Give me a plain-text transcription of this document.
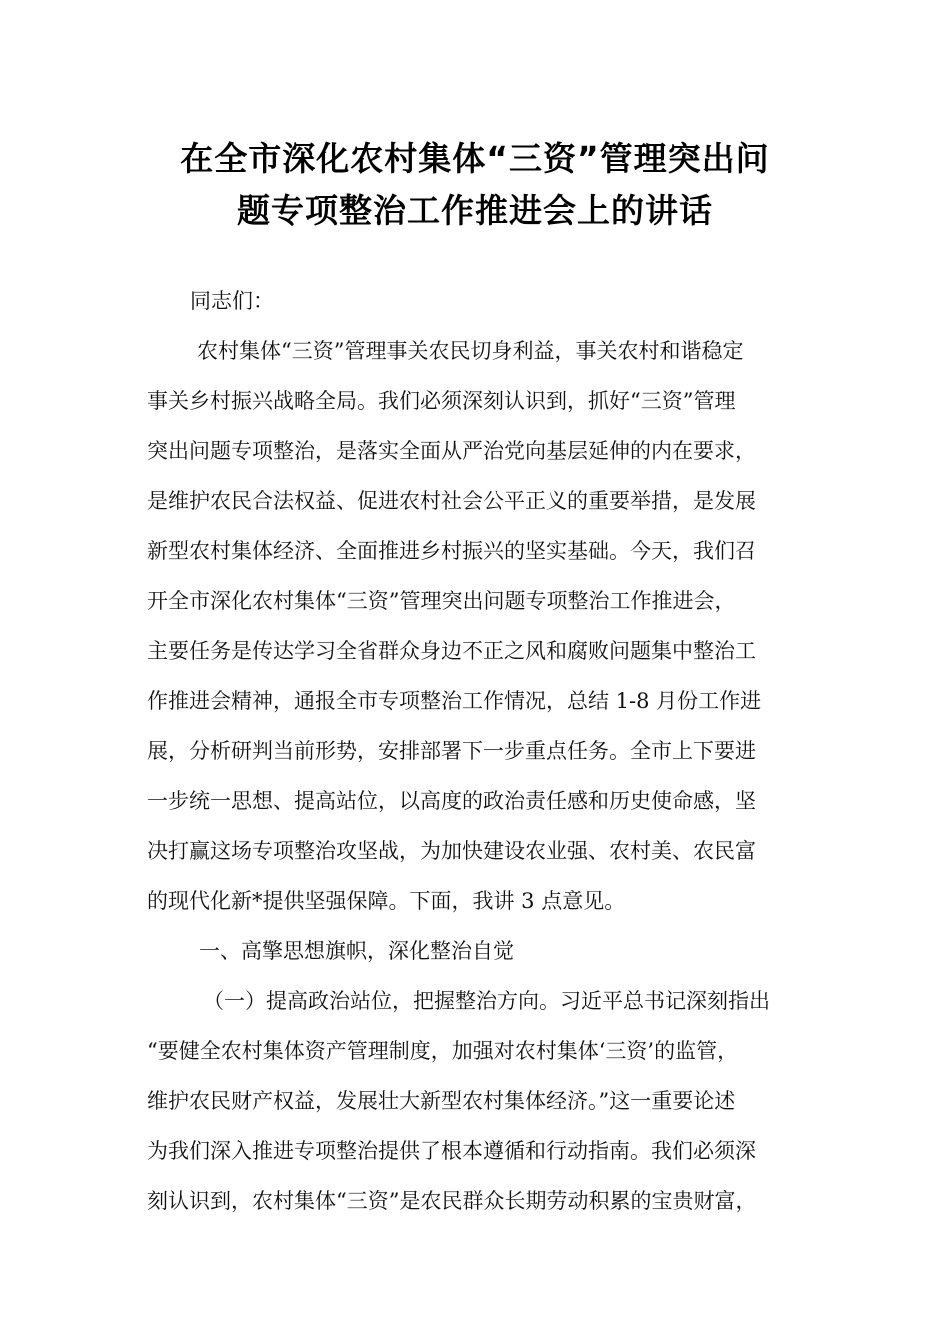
在全市深化农村集体“三资”管理突出问
题专项整治工作推进会上的讲话

同志们：

农村集体“三资”管理事关农民切身利益，事关农村和谐稳定

事关乡村振兴战略全局。我们必须深刻认识到，抓好“三资”管理

突出问题专项整治，是落实全面从严治党向基层延伸的内在要求，

是维护农民合法权益、促进农村社会公平正义的重要举措，是发展

新型农村集体经济、全面推进乡村振兴的坚实基础。今天，我们召

开全市深化农村集体“三资”管理突出问题专项整治工作推进会，

主要任务是传达学习全省群众身边不正之风和腐败问题集中整治工

作推进会精神，通报全市专项整治工作情况，总结 1-8 月份工作进

展，分析研判当前形势，安排部署下一步重点任务。全市上下要进

一步统一思想、提高站位，以高度的政治责任感和历史使命感，坚

决打赢这场专项整治攻坚战，为加快建设农业强、农村美、农民富

的现代化新*提供坚强保障。下面，我讲 3 点意见。

一、高擎思想旗帜，深化整治自觉

（一）提高政治站位，把握整治方向。习近平总书记深刻指出

“要健全农村集体资产管理制度，加强对农村集体‘三资’的监管，

维护农民财产权益，发展壮大新型农村集体经济。”这一重要论述

为我们深入推进专项整治提供了根本遵循和行动指南。我们必须深

刻认识到，农村集体“三资”是农民群众长期劳动积累的宝贵财富，
